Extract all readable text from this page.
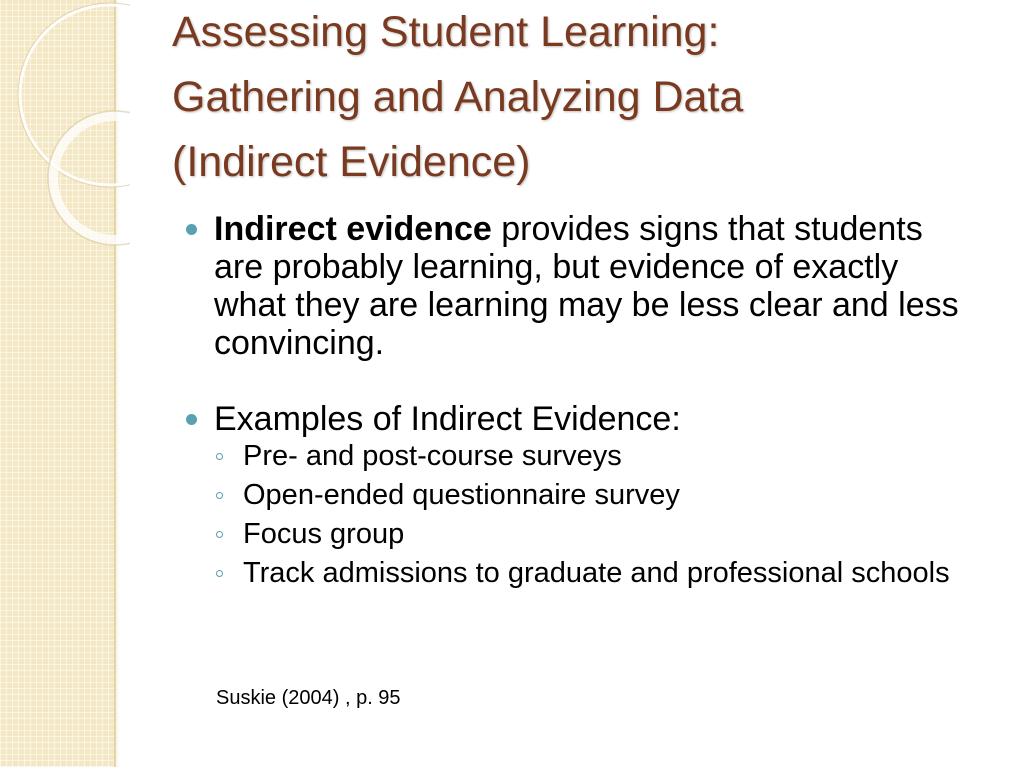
Assessing Student Learning:
Gathering and Analyzing Data
(Indirect Evidence)
Indirect evidence provides signs that students are probably learning, but evidence of exactly what they are learning may be less clear and less convincing.
Examples of Indirect Evidence:
Pre- and post-course surveys
Open-ended questionnaire survey
Focus group
Track admissions to graduate and professional schools
Suskie (2004) , p. 95
